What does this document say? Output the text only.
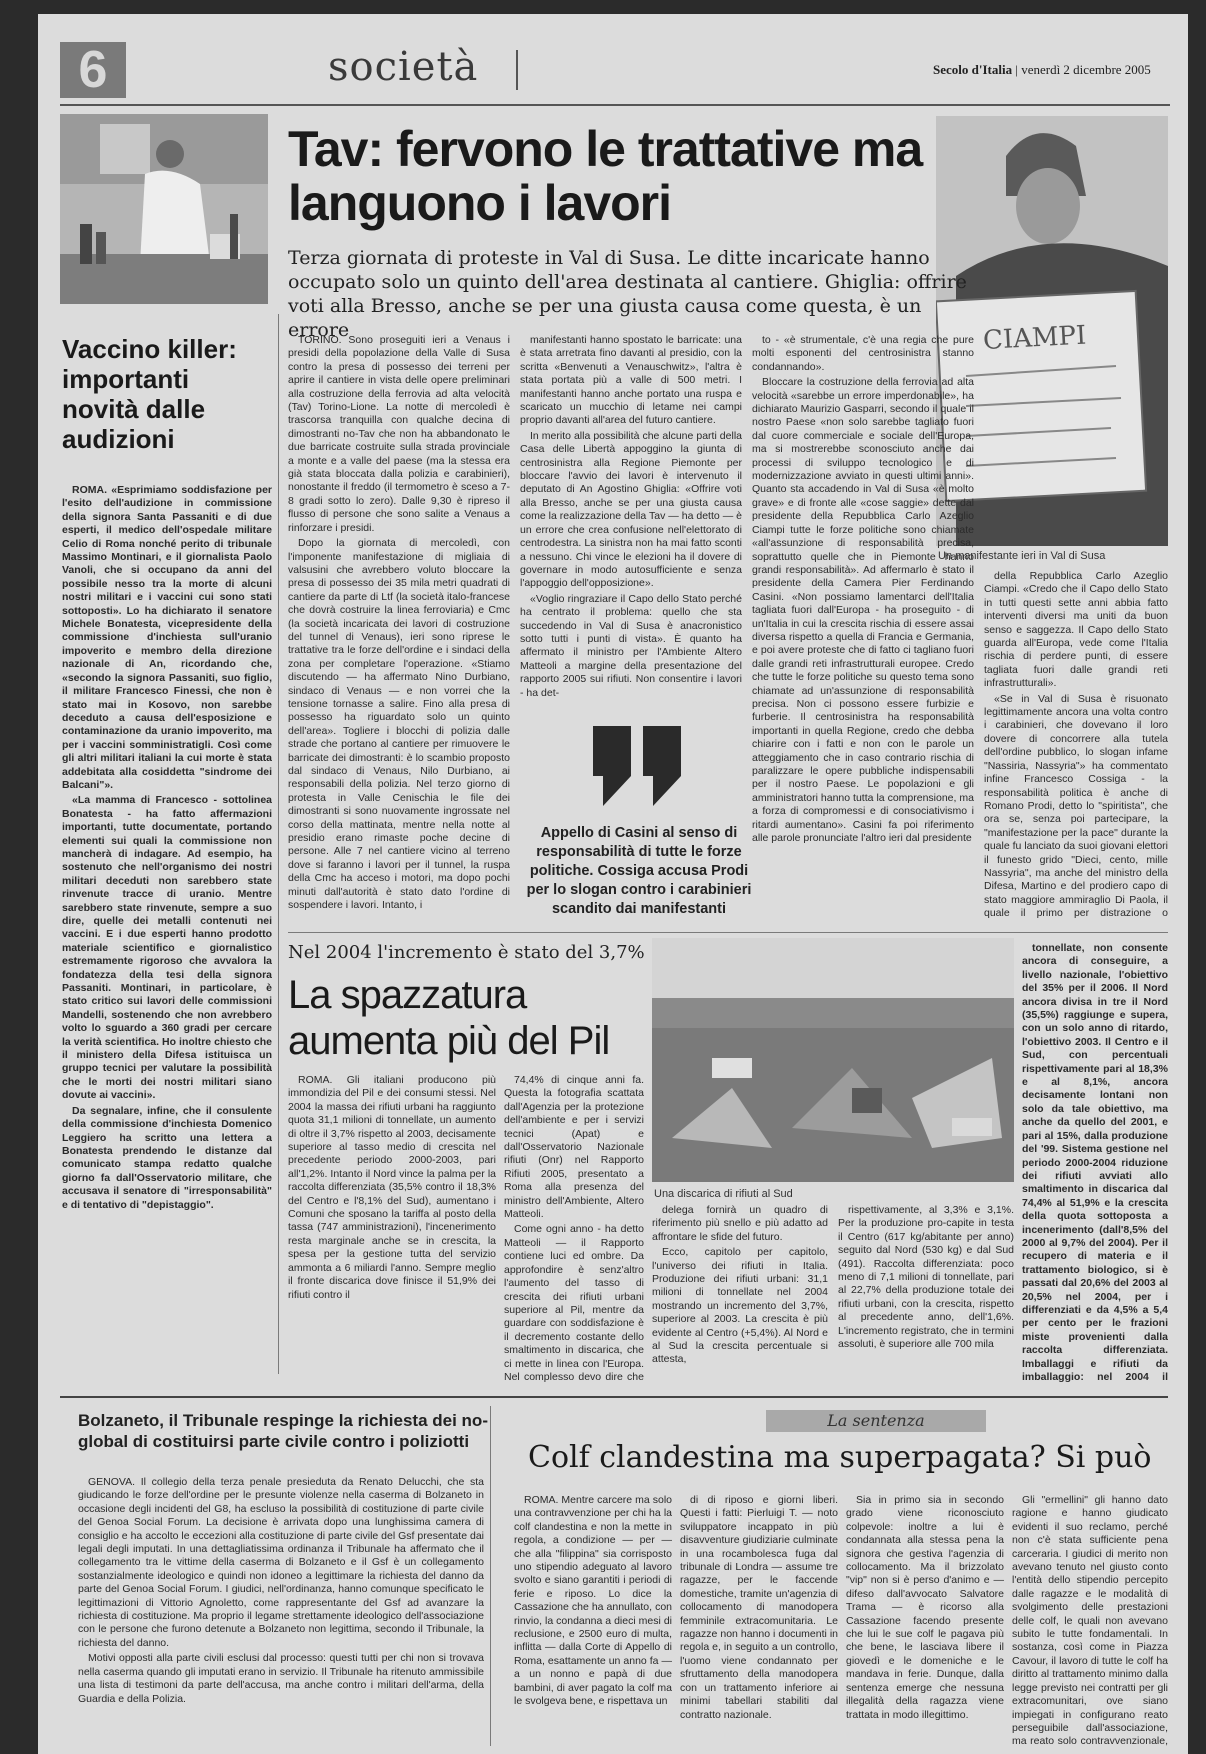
6	società	Secolo d'Italia | venerdì 2 dicembre 2005
CIAMPI
Un manifestante ieri in Val di Susa
Tav: fervono le trattative ma languono i lavori
Terza giornata di proteste in Val di Susa. Le ditte incaricate hanno occupato solo un quinto dell'area destinata al cantiere. Ghiglia: offrire voti alla Bresso, anche se per una giusta causa come questa, è un errore
Vaccino killer: importanti novità dalle audizioni

ROMA. «Esprimiamo soddisfazione per l'esito dell'audizione in commissione della signora Santa Passaniti e di due esperti, il medico dell'ospedale militare Celio di Roma nonché perito di tribunale Massimo Montinari, e il giornalista Paolo Vanoli, che si occupano da anni del possibile nesso tra la morte di alcuni nostri militari e i vaccini cui sono stati sottoposti». Lo ha dichiarato il senatore Michele Bonatesta, vicepresidente della commissione d'inchiesta sull'uranio impoverito e membro della direzione nazionale di An, ricordando che, «secondo la signora Passaniti, suo figlio, il militare Francesco Finessi, che non è stato mai in Kosovo, non sarebbe deceduto a causa dell'esposizione e contaminazione da uranio impoverito, ma per i vaccini somministratigli. Così come gli altri militari italiani la cui morte è stata addebitata alla cosiddetta "sindrome dei Balcani"».

«La mamma di Francesco - sottolinea Bonatesta - ha fatto affermazioni importanti, tutte documentate, portando elementi sui quali la commissione non mancherà di indagare. Ad esempio, ha sostenuto che nell'organismo dei nostri militari deceduti non sarebbero state rinvenute tracce di uranio. Mentre sarebbero state rinvenute, sempre a suo dire, quelle dei metalli contenuti nei vaccini. E i due esperti hanno prodotto materiale scientifico e giornalistico estremamente rigoroso che avvalora la fondatezza della tesi della signora Passaniti. Montinari, in particolare, è stato critico sui lavori delle commissioni Mandelli, sostenendo che non avrebbero volto lo sguardo a 360 gradi per cercare la verità scientifica. Ho inoltre chiesto che il ministero della Difesa istituisca un gruppo tecnici per valutare la possibilità che le morti dei nostri militari siano dovute ai vaccini».

Da segnalare, infine, che il consulente della commissione d'inchiesta Domenico Leggiero ha scritto una lettera a Bonatesta prendendo le distanze dal comunicato stampa redatto qualche giorno fa dall'Osservatorio militare, che accusava il senatore di "irresponsabilità" e di tentativo di "depistaggio".

TORINO. Sono proseguiti ieri a Venaus i presidi della popolazione della Valle di Susa contro la presa di possesso dei terreni per aprire il cantiere in vista delle opere preliminari alla costruzione della ferrovia ad alta velocità (Tav) Torino-Lione. La notte di mercoledì è trascorsa tranquilla con qualche decina di dimostranti no-Tav che non ha abbandonato le due barricate costruite sulla strada provinciale a monte e a valle del paese (ma la stessa era già stata bloccata dalla polizia e carabinieri), nonostante il freddo (il termometro è sceso a 7-8 gradi sotto lo zero). Dalle 9,30 è ripreso il flusso di persone che sono salite a Venaus a rinforzare i presidi.

Dopo la giornata di mercoledì, con l'imponente manifestazione di migliaia di valsusini che avrebbero voluto bloccare la presa di possesso dei 35 mila metri quadrati di cantiere da parte di Ltf (la società italo-francese che dovrà costruire la linea ferroviaria) e Cmc (la società incaricata dei lavori di costruzione del tunnel di Venaus), ieri sono riprese le trattative tra le forze dell'ordine e i sindaci della zona per completare l'operazione. «Stiamo discutendo — ha affermato Nino Durbiano, sindaco di Venaus — e non vorrei che la tensione tornasse a salire. Fino alla presa di possesso ha riguardato solo un quinto dell'area». Togliere i blocchi di polizia dalle strade che portano al cantiere per rimuovere le barricate dei dimostranti: è lo scambio proposto dal sindaco di Venaus, Nilo Durbiano, ai responsabili della polizia. Nel terzo giorno di protesta in Valle Cenischia le file dei dimostranti si sono nuovamente ingrossate nel corso della mattinata, mentre nella notte al presidio erano rimaste poche decine di persone. Alle 7 nel cantiere vicino al terreno dove si faranno i lavori per il tunnel, la ruspa della Cmc ha acceso i motori, ma dopo pochi minuti dall'autorità è stato dato l'ordine di sospendere i lavori. Intanto, i

manifestanti hanno spostato le barricate: una è stata arretrata fino davanti al presidio, con la scritta «Benvenuti a Venauschwitz», l'altra è stata portata più a valle di 500 metri. I manifestanti hanno anche portato una ruspa e scaricato un mucchio di letame nei campi proprio davanti all'area del futuro cantiere.

In merito alla possibilità che alcune parti della Casa delle Libertà appoggino la giunta di centrosinistra alla Regione Piemonte per bloccare l'avvio dei lavori è intervenuto il deputato di An Agostino Ghiglia: «Offrire voti alla Bresso, anche se per una giusta causa come la realizzazione della Tav — ha detto — è un errore che crea confusione nell'elettorato di centrodestra. La sinistra non ha mai fatto sconti a nessuno. Chi vince le elezioni ha il dovere di governare in modo autosufficiente e senza l'appoggio dell'opposizione».

«Voglio ringraziare il Capo dello Stato perché ha centrato il problema: quello che sta succedendo in Val di Susa è anacronistico sotto tutti i punti di vista». È quanto ha affermato il ministro per l'Ambiente Altero Matteoli a margine della presentazione del rapporto 2005 sui rifiuti. Non consentire i lavori - ha det-

Appello di Casini al senso di responsabilità di tutte le forze politiche. Cossiga accusa Prodi per lo slogan contro i carabinieri scandito dai manifestanti

to - «è strumentale, c'è una regia che pure molti esponenti del centrosinistra stanno condannando».

Bloccare la costruzione della ferrovia ad alta velocità «sarebbe un errore imperdonabile», ha dichiarato Maurizio Gasparri, secondo il quale il nostro Paese «non solo sarebbe tagliato fuori dal cuore commerciale e sociale dell'Europa, ma si mostrerebbe sconosciuto anche dai processi di sviluppo tecnologico e di modernizzazione avviato in questi ultimi anni». Quanto sta accadendo in Val di Susa «è molto grave» e di fronte alle «cose saggie» dette dal presidente della Repubblica Carlo Azeglio Ciampi tutte le forze politiche sono chiamate «all'assunzione di responsabilità precisa, soprattutto quelle che in Piemonte hanno grandi responsabilità». Ad affermarlo è stato il presidente della Camera Pier Ferdinando Casini. «Non possiamo lamentarci dell'Italia tagliata fuori dall'Europa - ha proseguito - di un'Italia in cui la crescita rischia di essere assai diversa rispetto a quella di Francia e Germania, e poi avere proteste che di fatto ci tagliano fuori dalle grandi reti infrastrutturali europee. Credo che tutte le forze politiche su questo tema sono chiamate ad un'assunzione di responsabilità precisa. Non ci possono essere furbizie e furberie. Il centrosinistra ha responsabilità importanti in quella Regione, credo che debba chiarire con i fatti e non con le parole un atteggiamento che in caso contrario rischia di paralizzare le opere pubbliche indispensabili per il nostro Paese. Le popolazioni e gli amministratori hanno tutta la comprensione, ma a forza di compromessi e di consociativismo i ritardi aumentano». Casini fa poi riferimento alle parole pronunciate l'altro ieri dal presidente

della Repubblica Carlo Azeglio Ciampi. «Credo che il Capo dello Stato in tutti questi sette anni abbia fatto interventi diversi ma uniti da buon senso e saggezza. Il Capo dello Stato guarda all'Europa, vede come l'Italia rischia di perdere punti, di essere tagliata fuori dalle grandi reti infrastrutturali».

«Se in Val di Susa è risuonato legittimamente ancora una volta contro i carabinieri, che dovevano il loro dovere di concorrere alla tutela dell'ordine pubblico, lo slogan infame "Nassiria, Nassyria"» ha commentato infine Francesco Cossiga - la responsabilità politica è anche di Romano Prodi, detto lo "spiritista", che ora se, senza poi partecipare, la "manifestazione per la pace" durante la quale fu lanciato da suoi giovani elettori il funesto grido "Dieci, cento, mille Nassyria", ma anche del ministro della Difesa, Martino e del prodiero capo di stato maggiore ammiraglio Di Paola, il quale il primo per distrazione o

Nel 2004 l'incremento è stato del 3,7%
La spazzatura aumenta più del Pil
Una discarica di rifiuti al Sud

ROMA. Gli italiani producono più immondizia del Pil e dei consumi stessi. Nel 2004 la massa dei rifiuti urbani ha raggiunto quota 31,1 milioni di tonnellate, un aumento di oltre il 3,7% rispetto al 2003, decisamente superiore al tasso medio di crescita nel precedente periodo 2000-2003, pari all'1,2%. Intanto il Nord vince la palma per la raccolta differenziata (35,5% contro il 18,3% del Centro e l'8,1% del Sud), aumentano i Comuni che sposano la tariffa al posto della tassa (747 amministrazioni), l'incenerimento resta marginale anche se in crescita, la spesa per la gestione tutta del servizio ammonta a 6 miliardi l'anno. Sempre meglio il fronte discarica dove finisce il 51,9% dei rifiuti contro il

74,4% di cinque anni fa. Questa la fotografia scattata dall'Agenzia per la protezione dell'ambiente e per i servizi tecnici (Apat) e dall'Osservatorio Nazionale rifiuti (Onr) nel Rapporto Rifiuti 2005, presentato a Roma alla presenza del ministro dell'Ambiente, Altero Matteoli.

Come ogni anno - ha detto Matteoli — il Rapporto contiene luci ed ombre. Da approfondire è senz'altro l'aumento del tasso di crescita dei rifiuti urbani superiore al Pil, mentre da guardare con soddisfazione è il decremento costante dello smaltimento in discarica, che ci mette in linea con l'Europa. Nel complesso devo dire che

delega fornirà un quadro di riferimento più snello e più adatto ad affrontare le sfide del futuro.

Ecco, capitolo per capitolo, l'universo dei rifiuti in Italia. Produzione dei rifiuti urbani: 31,1 milioni di tonnellate nel 2004 mostrando un incremento del 3,7%, superiore al 2003. La crescita è più evidente al Centro (+5,4%). Al Nord e al Sud la crescita percentuale si attesta,

rispettivamente, al 3,3% e 3,1%. Per la produzione pro-capite in testa il Centro (617 kg/abitante per anno) seguito dal Nord (530 kg) e dal Sud (491). Raccolta differenziata: poco meno di 7,1 milioni di tonnellate, pari al 22,7% della produzione totale dei rifiuti urbani, con la crescita, rispetto al precedente anno, dell'1,6%. L'incremento registrato, che in termini assoluti, è superiore alle 700 mila

tonnellate, non consente ancora di conseguire, a livello nazionale, l'obiettivo del 35% per il 2006. Il Nord ancora divisa in tre il Nord (35,5%) raggiunge e supera, con un solo anno di ritardo, l'obiettivo 2003. Il Centro e il Sud, con percentuali rispettivamente pari al 18,3% e al 8,1%, ancora decisamente lontani non solo da tale obiettivo, ma anche da quello del 2001, e pari al 15%, dalla produzione del '99. Sistema gestione nel periodo 2000-2004 riduzione dei rifiuti avviati allo smaltimento in discarica dal 74,4% al 51,9% e la crescita della quota sottoposta a incenerimento (dall'8,5% del 2000 al 9,7% del 2004). Per il recupero di materia e il trattamento biologico, si è passati dal 20,6% del 2003 al 20,5% nel 2004, per i differenziati e da 4,5% a 5,4 per cento per le frazioni miste provenienti dalla raccolta differenziata. Imballaggi e rifiuti da imballaggio: nel 2004 il

Bolzaneto, il Tribunale respinge la richiesta dei no-global di costituirsi parte civile contro i poliziotti

GENOVA. Il collegio della terza penale presieduta da Renato Delucchi, che sta giudicando le forze dell'ordine per le presunte violenze nella caserma di Bolzaneto in occasione degli incidenti del G8, ha escluso la possibilità di costituzione di parte civile del Genoa Social Forum. La decisione è arrivata dopo una lunghissima camera di consiglio e ha accolto le eccezioni alla costituzione di parte civile del Gsf presentate dai legali degli imputati. In una dettagliatissima ordinanza il Tribunale ha affermato che il collegamento tra le vittime della caserma di Bolzaneto e il Gsf è un collegamento sostanzialmente ideologico e quindi non idoneo a legittimare la richiesta del danno da parte del Genoa Social Forum. I giudici, nell'ordinanza, hanno comunque specificato le legittimazioni di Vittorio Agnoletto, come rappresentante del Gsf ad avanzare la richiesta di costituzione. Ma proprio il legame strettamente ideologico dell'associazione con le persone che furono detenute a Bolzaneto non legittima, secondo il Tribunale, la richiesta del danno.

Motivi opposti alla parte civili esclusi dal processo: questi tutti per chi non si trovava nella caserma quando gli imputati erano in servizio. Il Tribunale ha ritenuto ammissibile una lista di testimoni da parte dell'accusa, ma anche contro i militari dell'arma, della Guardia e della Polizia.

La sentenza
Colf clandestina ma superpagata? Si può

ROMA. Mentre carcere ma solo una contravvenzione per chi ha la colf clandestina e non la mette in regola, a condizione — per — che alla "filippina" sia corrisposto uno stipendio adeguato al lavoro svolto e siano garantiti i periodi di ferie e riposo. Lo dice la Cassazione che ha annullato, con rinvio, la condanna a dieci mesi di reclusione, e 2500 euro di multa, inflitta — dalla Corte di Appello di Roma, esattamente un anno fa — a un nonno e papà di due bambini, di aver pagato la colf ma le svolgeva bene, e rispettava un

di di riposo e giorni liberi. Questi i fatti: Pierluigi T. — noto sviluppatore incappato in più disavventure giudiziarie culminate in una rocambolesca fuga dal tribunale di Londra — assume tre ragazze, per le faccende domestiche, tramite un'agenzia di collocamento di manodopera femminile extracomunitaria. Le ragazze non hanno i documenti in regola e, in seguito a un controllo, l'uomo viene condannato per sfruttamento della manodopera con un trattamento inferiore ai minimi tabellari stabiliti dal contratto nazionale.

Sia in primo sia in secondo grado viene riconosciuto colpevole: inoltre a lui è condannata alla stessa pena la signora che gestiva l'agenzia di collocamento. Ma il brizzolato "vip" non si è perso d'animo e — difeso dall'avvocato Salvatore Trama — è ricorso alla Cassazione facendo presente che lui le sue colf le pagava più che bene, le lasciava libere il giovedì e le domeniche e le mandava in ferie. Dunque, dalla sentenza emerge che nessuna illegalità della ragazza viene trattata in modo illegittimo.

Gli "ermellini" gli hanno dato ragione e hanno giudicato evidenti il suo reclamo, perché non c'è stata sufficiente pena carceraria. I giudici di merito non avevano tenuto nel giusto conto l'entità dello stipendio percepito dalle ragazze e le modalità di svolgimento delle prestazioni delle colf, le quali non avevano subito le tutte fondamentali. In sostanza, così come in Piazza Cavour, il lavoro di tutte le colf ha diritto al trattamento minimo dalla legge previsto nei contratti per gli extracomunitari, ove siano impiegati in configurano reato perseguibile dall'associazione, ma reato solo contravvenzionale,
